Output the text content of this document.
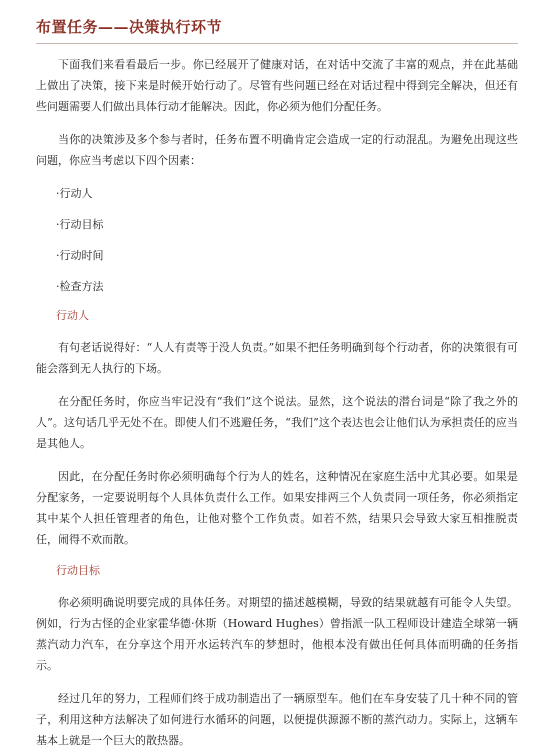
布置任务——决策执行环节

下面我们来看看最后一步。你已经展开了健康对话，在对话中交流了丰富的观点，并在此基础上做出了决策，接下来是时候开始行动了。尽管有些问题已经在对话过程中得到完全解决，但还有些问题需要人们做出具体行动才能解决。因此，你必须为他们分配任务。

当你的决策涉及多个参与者时，任务布置不明确肯定会造成一定的行动混乱。为避免出现这些问题，你应当考虑以下四个因素：

·行动人
·行动目标
·行动时间
·检查方法
行动人

有句老话说得好：“人人有责等于没人负责。”如果不把任务明确到每个行动者，你的决策很有可能会落到无人执行的下场。

在分配任务时，你应当牢记没有“我们”这个说法。显然，这个说法的潜台词是“除了我之外的人”。这句话几乎无处不在。即使人们不逃避任务，“我们”这个表达也会让他们认为承担责任的应当是其他人。

因此，在分配任务时你必须明确每个行为人的姓名，这种情况在家庭生活中尤其必要。如果是分配家务，一定要说明每个人具体负责什么工作。如果安排两三个人负责同一项任务，你必须指定其中某个人担任管理者的角色，让他对整个工作负责。如若不然，结果只会导致大家互相推脱责任，闹得不欢而散。

行动目标

你必须明确说明要完成的具体任务。对期望的描述越模糊，导致的结果就越有可能令人失望。例如，行为古怪的企业家霍华德·休斯（Howard Hughes）曾指派一队工程师设计建造全球第一辆蒸汽动力汽车，在分享这个用开水运转汽车的梦想时，他根本没有做出任何具体而明确的任务指示。

经过几年的努力，工程师们终于成功制造出了一辆原型车。他们在车身安装了几十种不同的管子，利用这种方法解决了如何进行水循环的问题，以便提供源源不断的蒸汽动力。实际上，这辆车基本上就是一个巨大的散热器。
